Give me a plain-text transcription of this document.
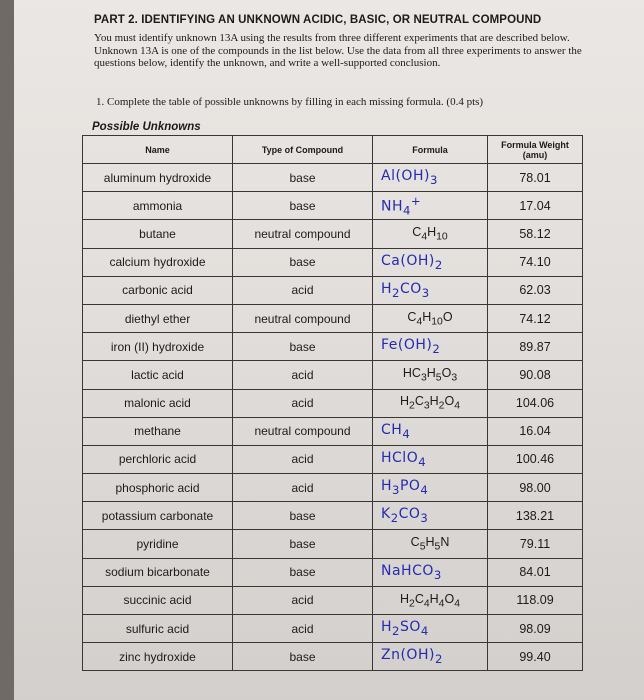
PART 2. IDENTIFYING AN UNKNOWN ACIDIC, BASIC, OR NEUTRAL COMPOUND
You must identify unknown 13A using the results from three different experiments that are described below. Unknown 13A is one of the compounds in the list below. Use the data from all three experiments to answer the questions below, identify the unknown, and write a well-supported conclusion.
1. Complete the table of possible unknowns by filling in each missing formula. (0.4 pts)
Possible Unknowns
Name	Type of Compound	Formula	Formula Weight (amu)
aluminum hydroxide	base	$Al(OH)_3$	78.01
ammonia	base	$NH_4^+$	17.04
butane	neutral compound	$C_4H_{10}$	58.12
calcium hydroxide	base	$Ca(OH)_2$	74.10
carbonic acid	acid	$H_2CO_3$	62.03
diethyl ether	neutral compound	$C_4H_{10}O$	74.12
iron (II) hydroxide	base	$Fe(OH)_2$	89.87
lactic acid	acid	$HC_3H_5O_3$	90.08
malonic acid	acid	$H_2C_3H_2O_4$	104.06
methane	neutral compound	$CH_4$	16.04
perchloric acid	acid	HClO$_4$	100.46
phosphoric acid	acid	$H_3PO_4$	98.00
potassium carbonate	base	$K_2CO_3$	138.21
pyridine	base	$C_5H_5N$	79.11
sodium bicarbonate	base	NaHCO$_3$	84.01
succinic acid	acid	$H_2C_4H_4O_4$	118.09
sulfuric acid	acid	$H_2SO_4$	98.09
zinc hydroxide	base	$Zn(OH)_2$	99.40
